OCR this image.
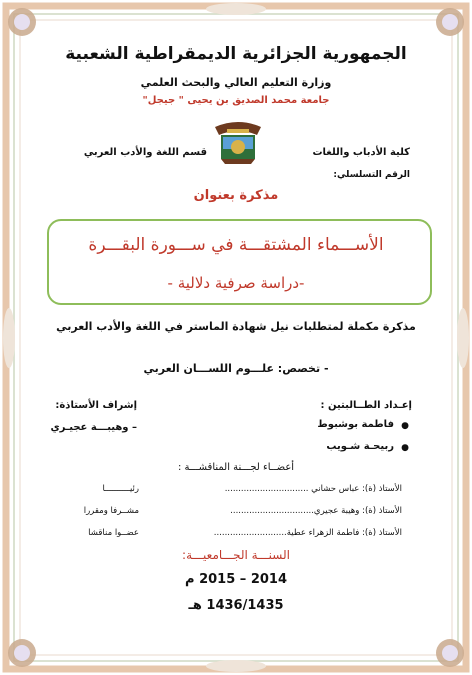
الجمهورية الجزائرية الديمقراطية الشعبية
وزارة التعليم العالي والبحث العلمي
جامعة محمد الصديق بن يحيى " جيجل"
كلية الأدباب واللغات
قسم اللغة والأدب العربي
الرقم التسلسلي:
مذكرة بعنوان
الأســـماء المشتقـــة في ســـورة البقـــرة
-دراسة صرفية دلالية -
مذكرة مكملة لمتطلبات نيل شهادة الماستر في اللغة والأدب العربي
- تخصص: علـــوم اللســـان العربي
إعـداد الطــالبتين :
●
فاطمة بوشبوط
●
ربيحـة شـويب
إشراف الأستاذة:
– وهيبـــة عجيـري
أعضــاء لجـــنة المناقشـــة :
الأستاذ (ة): عباس حشاني ...............................
رئيــــــــــا
الأستاذ (ة): وهيبة عجيري...............................
مشــرفا ومقررا
الأستاذ (ة): فاطمة الزهراء عطية...........................
عضــوا مناقشا
السنـــة الجـــامعيـــة:
2014 – 2015 م
1436/1435 هـ
